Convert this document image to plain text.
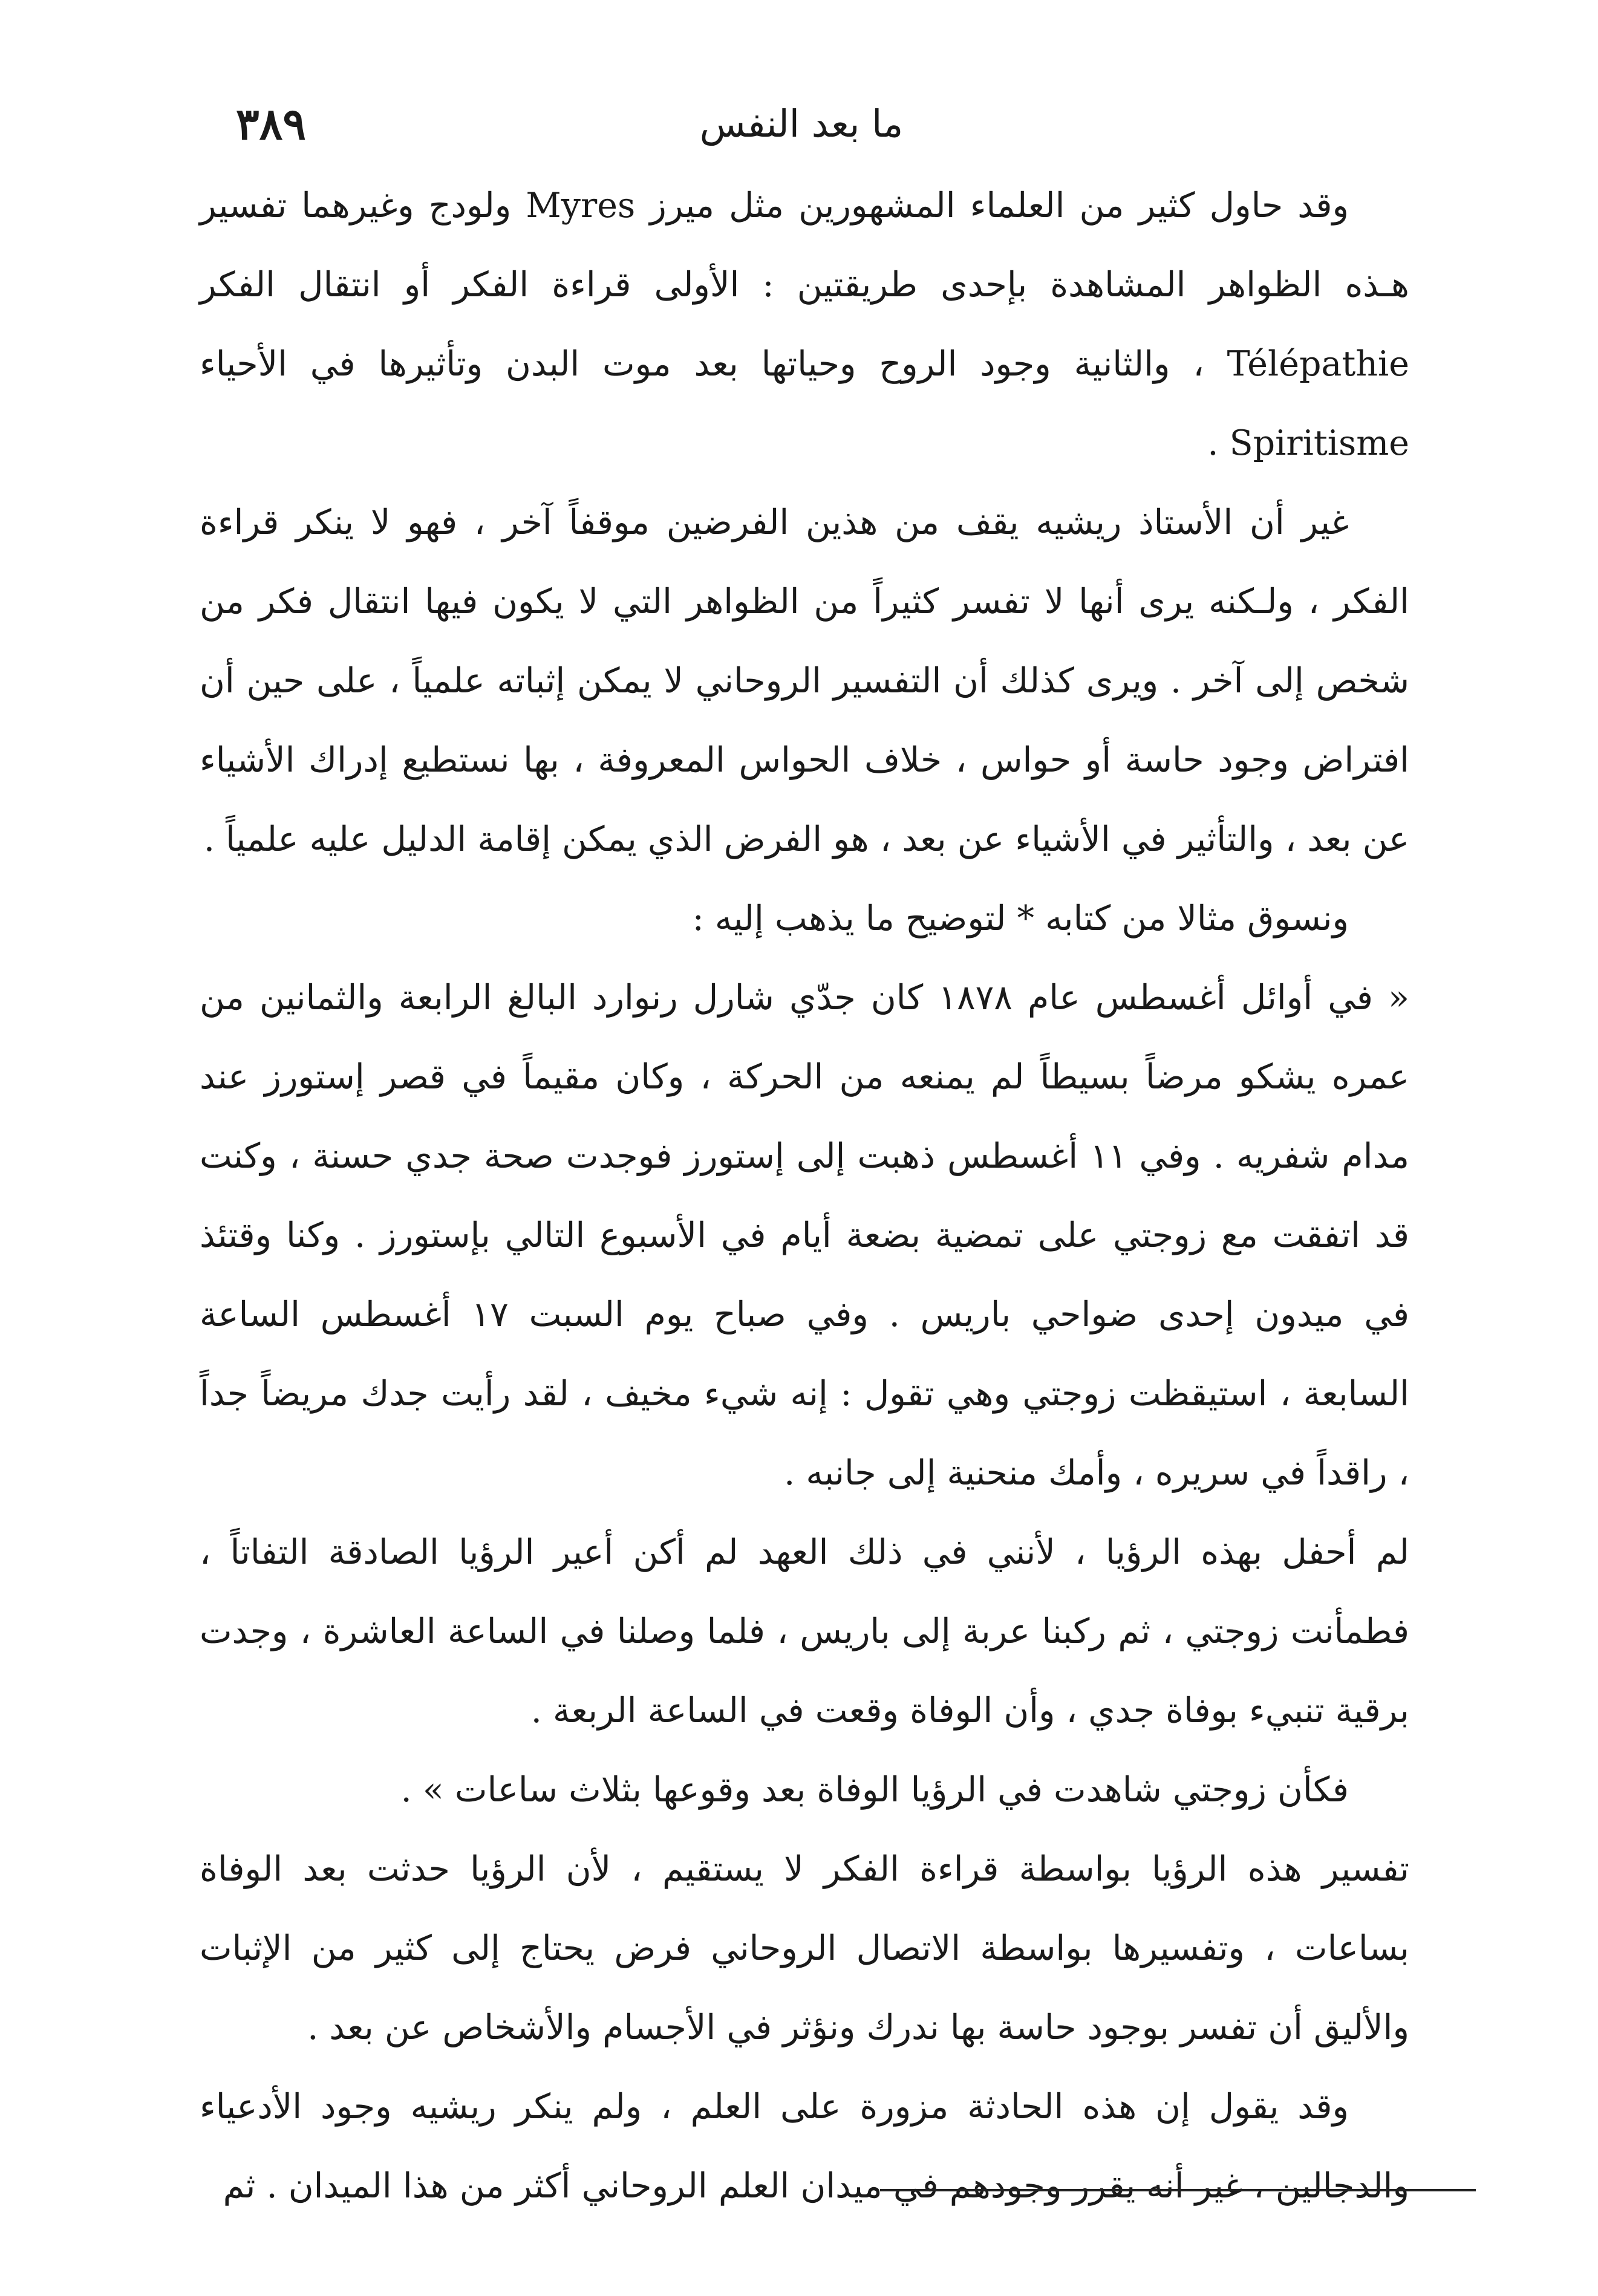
ما بعد النفس
٣٨٩

وقد حاول كثير من العلماء المشهورين مثل ميرز Myres ولودج وغيرهما تفسير هـذه الظواهر المشاهدة بإحدى طريقتين : الأولى قراءة الفكر أو انتقال الفكر Télépathie ، والثانية وجود الروح وحياتها بعد موت البدن وتأثيرها في الأحياء Spiritisme .

غير أن الأستاذ ريشيه يقف من هذين الفرضين موقفاً آخر ، فهو لا ينكر قراءة الفكر ، ولـكنه يرى أنها لا تفسر كثيراً من الظواهر التي لا يكون فيها انتقال فكر من شخص إلى آخر . ويرى كذلك أن التفسير الروحاني لا يمكن إثباته علمياً ، على حين أن افتراض وجود حاسة أو حواس ، خلاف الحواس المعروفة ، بها نستطيع إدراك الأشياء عن بعد ، والتأثير في الأشياء عن بعد ، هو الفرض الذي يمكن إقامة الدليل عليه علمياً .

ونسوق مثالا من كتابه * لتوضيح ما يذهب إليه :

« في أوائل أغسطس عام ١٨٧٨ كان جدّي شارل رنوارد البالغ الرابعة والثمانين من عمره يشكو مرضاً بسيطاً لم يمنعه من الحركة ، وكان مقيماً في قصر إستورز عند مدام شفريه . وفي ١١ أغسطس ذهبت إلى إستورز فوجدت صحة جدي حسنة ، وكنت قد اتفقت مع زوجتي على تمضية بضعة أيام في الأسبوع التالي بإستورز . وكنا وقتئذ في ميدون إحدى ضواحي باريس . وفي صباح يوم السبت ١٧ أغسطس الساعة السابعة ، استيقظت زوجتي وهي تقول : إنه شيء مخيف ، لقد رأيت جدك مريضاً جداً ، راقداً في سريره ، وأمك منحنية إلى جانبه .

لم أحفل بهذه الرؤيا ، لأنني في ذلك العهد لم أكن أعير الرؤيا الصادقة التفاتاً ، فطمأنت زوجتي ، ثم ركبنا عربة إلى باريس ، فلما وصلنا في الساعة العاشرة ، وجدت برقية تنبيء بوفاة جدي ، وأن الوفاة وقعت في الساعة الربعة .

فكأن زوجتي شاهدت في الرؤيا الوفاة بعد وقوعها بثلاث ساعات » .

تفسير هذه الرؤيا بواسطة قراءة الفكر لا يستقيم ، لأن الرؤيا حدثت بعد الوفاة بساعات ، وتفسيرها بواسطة الاتصال الروحاني فرض يحتاج إلى كثير من الإثبات والأليق أن تفسر بوجود حاسة بها ندرك ونؤثر في الأجسام والأشخاص عن بعد .

وقد يقول إن هذه الحادثة مزورة على العلم ، ولم ينكر ريشيه وجود الأدعياء والدجالين ، غير أنه يقرر وجودهم في ميدان العلم الروحاني أكثر من هذا الميدان . ثم
